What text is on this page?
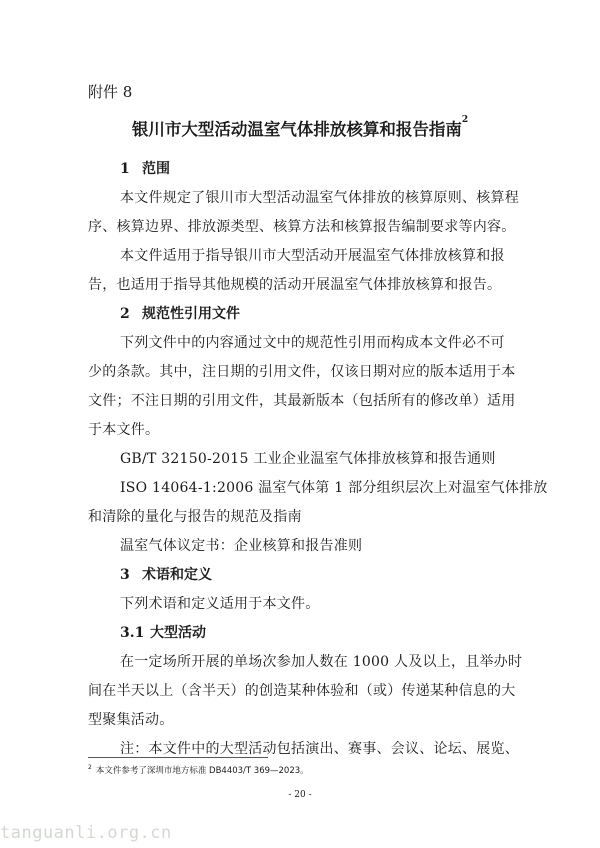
附件 8
银川市大型活动温室气体排放核算和报告指南$^2$
1 范围
本文件规定了银川市大型活动温室气体排放的核算原则、核算程
序、核算边界、排放源类型、核算方法和核算报告编制要求等内容。
本文件适用于指导银川市大型活动开展温室气体排放核算和报
告，也适用于指导其他规模的活动开展温室气体排放核算和报告。
2 规范性引用文件
下列文件中的内容通过文中的规范性引用而构成本文件必不可
少的条款。其中，注日期的引用文件，仅该日期对应的版本适用于本
文件；不注日期的引用文件，其最新版本（包括所有的修改单）适用
于本文件。
GB/T 32150-2015 工业企业温室气体排放核算和报告通则
ISO 14064-1:2006 温室气体第 1 部分组织层次上对温室气体排放
和清除的量化与报告的规范及指南
温室气体议定书：企业核算和报告准则
3 术语和定义
下列术语和定义适用于本文件。
3.1 大型活动
在一定场所开展的单场次参加人数在 1000 人及以上，且举办时
间在半天以上（含半天）的创造某种体验和（或）传递某种信息的大
型聚集活动。
注：本文件中的大型活动包括演出、赛事、会议、论坛、展览、
$^2$ 本文件参考了深圳市地方标准 DB4403/T 369—2023。
- 20 -
tanguanli.org.cn
